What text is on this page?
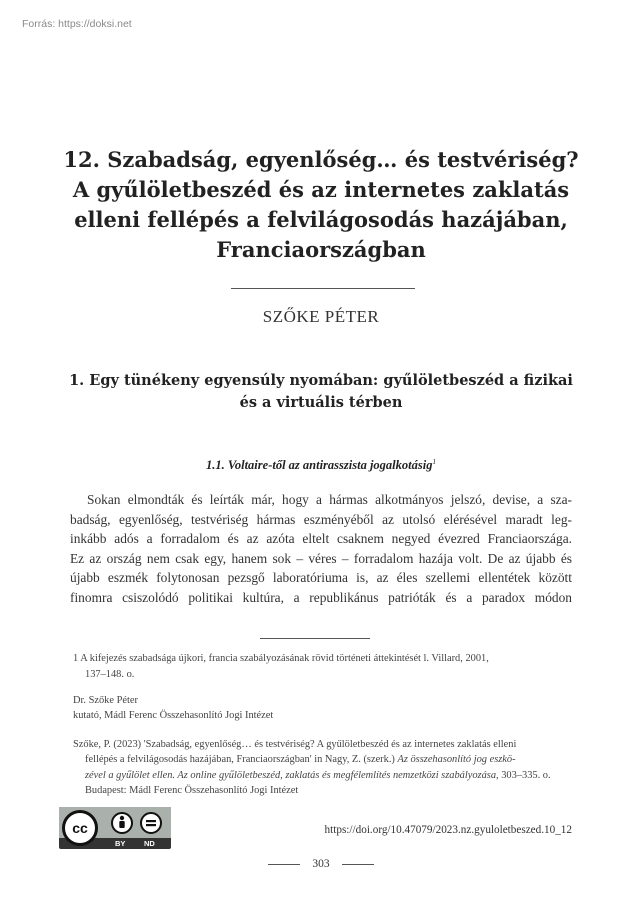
Forrás: https://doksi.net
12. Szabadság, egyenlőség… és testvériség?
A gyűlöletbeszéd és az internetes zaklatás
elleni fellépés a felvilágosodás hazájában,
Franciaországban
SZŐKE PÉTER
1. Egy tünékeny egyensúly nyomában: gyűlöletbeszéd a fizikai
és a virtuális térben
1.1. Voltaire-től az antirasszista jogalkotásig$^1$
Sokan elmondták és leírták már, hogy a hármas alkotmányos jelszó, devise, a sza-
badság, egyenlőség, testvériség hármas eszményéből az utolsó elérésével maradt leg-
inkább adós a forradalom és az azóta eltelt csaknem negyed évezred Franciaországa.
Ez az ország nem csak egy, hanem sok – véres – forradalom hazája volt. De az újabb és
újabb eszmék folytonosan pezsgő laboratóriuma is, az éles szellemi ellentétek között
finomra csiszolódó politikai kultúra, a republikánus patrióták és a paradox módon
1 A kifejezés szabadsága újkori, francia szabályozásának rövid történeti áttekintését l. Villard, 2001,
137–148. o.
Dr. Szőke Péter
kutató, Mádl Ferenc Összehasonlító Jogi Intézet
Szőke, P. (2023) 'Szabadság, egyenlőség… és testvériség? A gyűlöletbeszéd és az internetes zaklatás elleni
fellépés a felvilágosodás hazájában, Franciaországban' in Nagy, Z. (szerk.) Az összehasonlító jog eszkö-
zével a gyűlölet ellen. Az online gyűlöletbeszéd, zaklatás és megfélemlítés nemzetközi szabályozása, 303–335. o.
Budapest: Mádl Ferenc Összehasonlító Jogi Intézet
cc
BY ND
https://doi.org/10.47079/2023.nz.gyuloletbeszed.10_12
303
